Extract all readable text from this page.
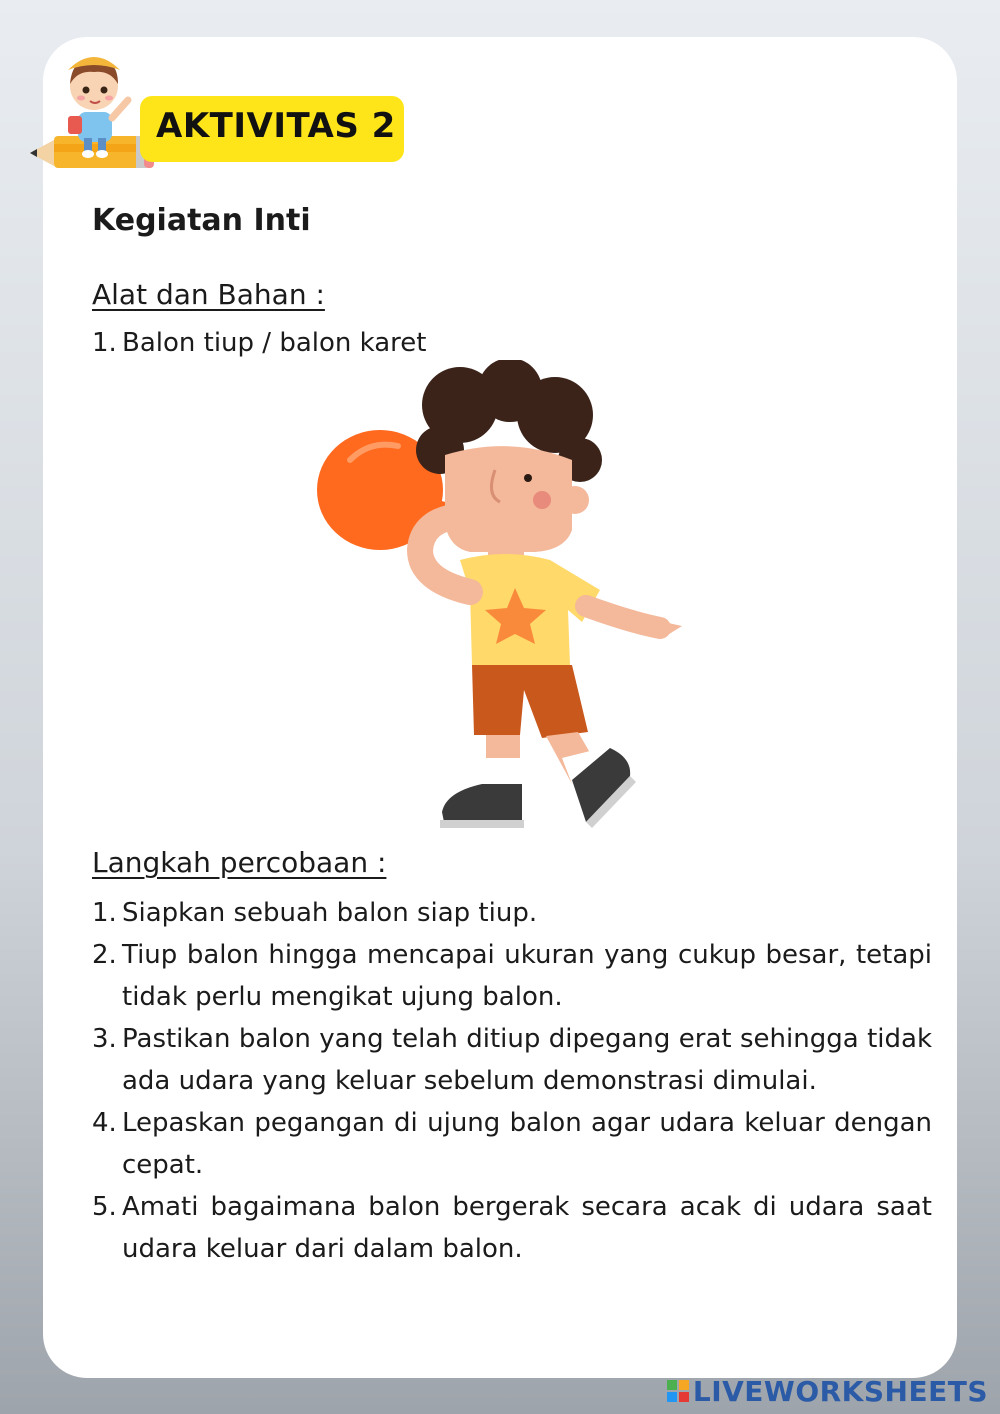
AKTIVITAS 2
Kegiatan Inti
Alat dan Bahan :
1. Balon tiup / balon karet
Langkah percobaan :
1. Siapkan sebuah balon siap tiup.
2. Tiup balon hingga mencapai ukuran yang cukup besar, tetapi tidak perlu mengikat ujung balon.
3. Pastikan balon yang telah ditiup dipegang erat sehingga tidak ada udara yang keluar sebelum demonstrasi dimulai.
4. Lepaskan pegangan di ujung balon agar udara keluar dengan cepat.
5. Amati bagaimana balon bergerak secara acak di udara saat udara keluar dari dalam balon.
LIVEWORKSHEETS
